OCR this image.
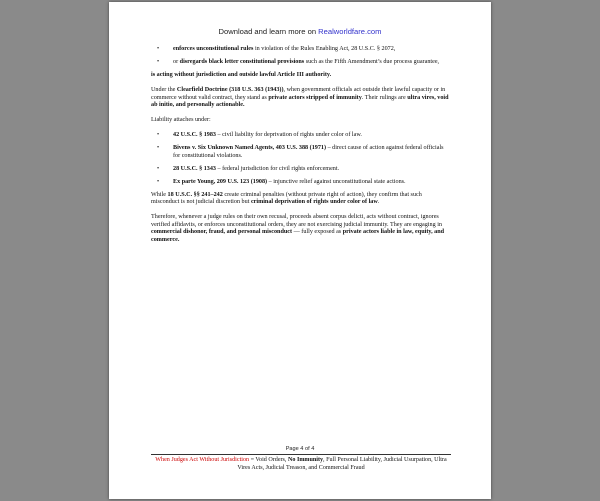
Download and learn more on Realworldfare.com
• enforces unconstitutional rules in violation of the Rules Enabling Act, 28 U.S.C. § 2072,
• or disregards black letter constitutional provisions such as the Fifth Amendment’s due process guarantee,

is acting without jurisdiction and outside lawful Article III authority.

Under the Clearfield Doctrine (318 U.S. 363 (1943)), when government officials act outside their lawful capacity or in commerce without valid contract, they stand as private actors stripped of immunity. Their rulings are ultra vires, void ab initio, and personally actionable.

Liability attaches under:

• 42 U.S.C. § 1983 – civil liability for deprivation of rights under color of law.
• Bivens v. Six Unknown Named Agents, 403 U.S. 388 (1971) – direct cause of action against federal officials for constitutional violations.
• 28 U.S.C. § 1343 – federal jurisdiction for civil rights enforcement.
• Ex parte Young, 209 U.S. 123 (1908) – injunctive relief against unconstitutional state actions.

While 18 U.S.C. §§ 241–242 create criminal penalties (without private right of action), they confirm that such misconduct is not judicial discretion but criminal deprivation of rights under color of law.

Therefore, whenever a judge rules on their own recusal, proceeds absent corpus delicti, acts without contract, ignores verified affidavits, or enforces unconstitutional orders, they are not exercising judicial immunity. They are engaging in commercial dishonor, fraud, and personal misconduct — fully exposed as private actors liable in law, equity, and commerce.

Page 4 of 4
When Judges Act Without Jurisdiction = Void Orders, No Immunity, Full Personal Liability, Judicial Usurpation, Ultra Vires Acts, Judicial Treason, and Commercial Fraud
